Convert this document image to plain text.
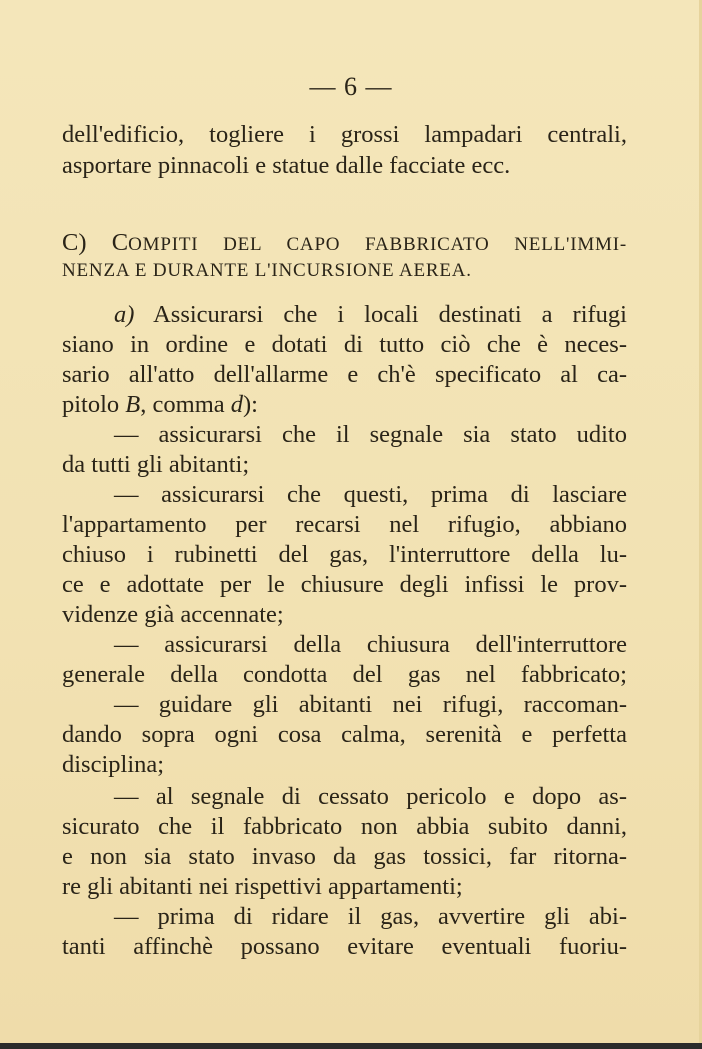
— 6 —
dell'edificio, togliere i grossi lampadari centrali,
asportare pinnacoli e statue dalle facciate ecc.
C) COMPITI DEL CAPO FABBRICATO NELL'IMMI-
NENZA E DURANTE L'INCURSIONE AEREA.
a) Assicurarsi che i locali destinati a rifugi
siano in ordine e dotati di tutto ciò che è neces-
sario all'atto dell'allarme e ch'è specificato al ca-
pitolo B, comma d):
— assicurarsi che il segnale sia stato udito
da tutti gli abitanti;
— assicurarsi che questi, prima di lasciare
l'appartamento per recarsi nel rifugio, abbiano
chiuso i rubinetti del gas, l'interruttore della lu-
ce e adottate per le chiusure degli infissi le prov-
videnze già accennate;
— assicurarsi della chiusura dell'interruttore
generale della condotta del gas nel fabbricato;
— guidare gli abitanti nei rifugi, raccoman-
dando sopra ogni cosa calma, serenità e perfetta
disciplina;
— al segnale di cessato pericolo e dopo as-
sicurato che il fabbricato non abbia subito danni,
e non sia stato invaso da gas tossici, far ritorna-
re gli abitanti nei rispettivi appartamenti;
— prima di ridare il gas, avvertire gli abi-
tanti affinchè possano evitare eventuali fuoriu-
